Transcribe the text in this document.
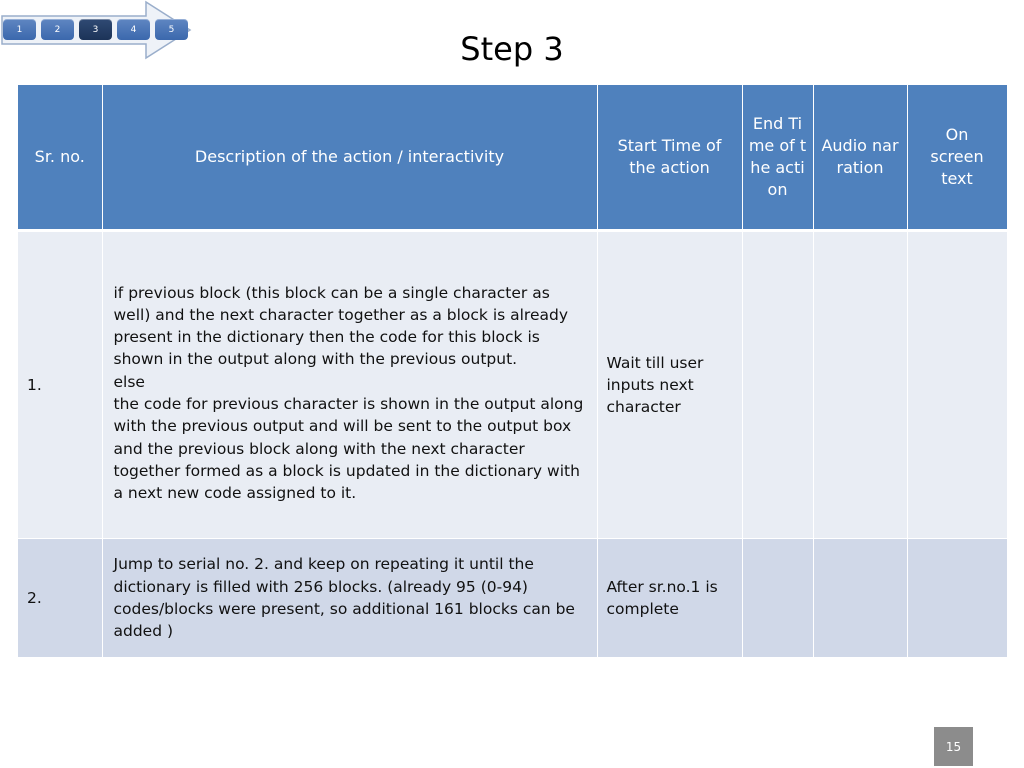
1	2	3	4	5
Step 3
Sr. no.	Description of the action / interactivity	Start Time of the action	End Time of the action	Audio narration	On screen text
1.	if previous block (this block can be a single character as well) and the next character together as a block is already present in the dictionary then the code for this block is shown in the output along with the previous output.
else
the code for previous character is shown in the output along with the previous output and will be sent to the output box and the previous block along with the next character together formed as a block is updated in the dictionary with a next new code assigned to it.	Wait till user inputs next character			
2.	Jump to serial no. 2. and keep on repeating it until the dictionary is filled with 256 blocks. (already 95 (0-94) codes/blocks were present, so additional 161 blocks can be added )	After sr.no.1 is complete			
15
